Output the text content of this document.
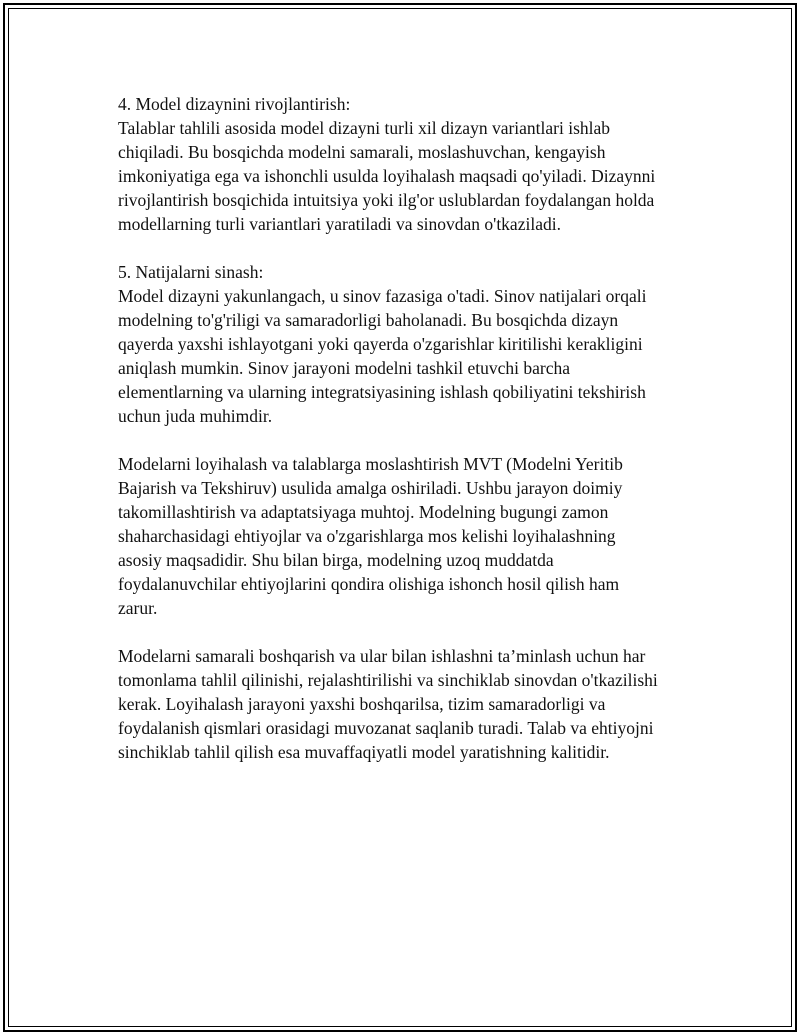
4. Model dizaynini rivojlantirish:
Talablar tahlili asosida model dizayni turli xil dizayn variantlari ishlab
chiqiladi. Bu bosqichda modelni samarali, moslashuvchan, kengayish
imkoniyatiga ega va ishonchli usulda loyihalash maqsadi qo'yiladi. Dizaynni
rivojlantirish bosqichida intuitsiya yoki ilg'or uslublardan foydalangan holda
modellarning turli variantlari yaratiladi va sinovdan o'tkaziladi.
5. Natijalarni sinash:
Model dizayni yakunlangach, u sinov fazasiga o'tadi. Sinov natijalari orqali
modelning to'g'riligi va samaradorligi baholanadi. Bu bosqichda dizayn
qayerda yaxshi ishlayotgani yoki qayerda o'zgarishlar kiritilishi kerakligini
aniqlash mumkin. Sinov jarayoni modelni tashkil etuvchi barcha
elementlarning va ularning integratsiyasining ishlash qobiliyatini tekshirish
uchun juda muhimdir.
Modelarni loyihalash va talablarga moslashtirish MVT (Modelni Yeritib
Bajarish va Tekshiruv) usulida amalga oshiriladi. Ushbu jarayon doimiy
takomillashtirish va adaptatsiyaga muhtoj. Modelning bugungi zamon
shaharchasidagi ehtiyojlar va o'zgarishlarga mos kelishi loyihalashning
asosiy maqsadidir. Shu bilan birga, modelning uzoq muddatda
foydalanuvchilar ehtiyojlarini qondira olishiga ishonch hosil qilish ham
zarur.
Modelarni samarali boshqarish va ular bilan ishlashni ta’minlash uchun har
tomonlama tahlil qilinishi, rejalashtirilishi va sinchiklab sinovdan o'tkazilishi
kerak. Loyihalash jarayoni yaxshi boshqarilsa, tizim samaradorligi va
foydalanish qismlari orasidagi muvozanat saqlanib turadi. Talab va ehtiyojni
sinchiklab tahlil qilish esa muvaffaqiyatli model yaratishning kalitidir.
